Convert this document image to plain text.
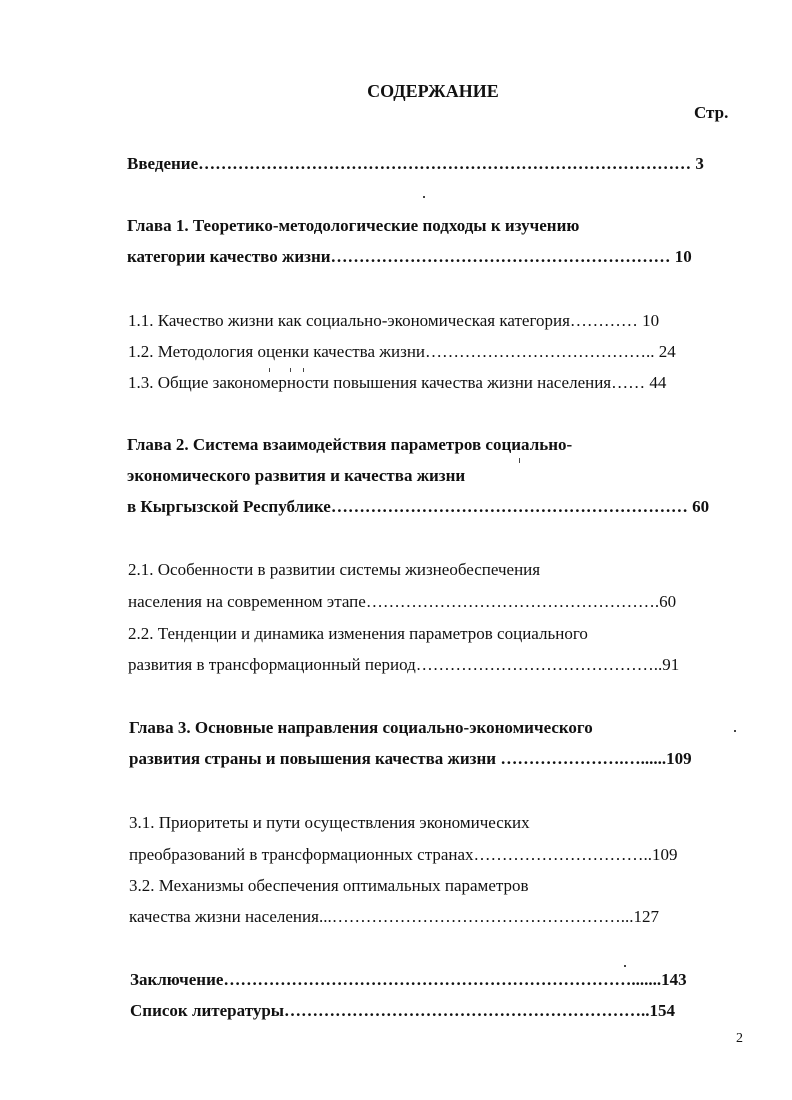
СОДЕРЖАНИЕ
Стр.
Введение…………………………………………………………………………… 3
Глава 1. Теоретико-методологические подходы к изучению
категории качество жизни…………………………………………………… 10
1.1. Качество жизни как социально-экономическая категория………… 10
1.2. Методология оценки качества жизни………………………………….. 24
1.3. Общие закономерности повышения качества жизни населения…… 44
Глава 2. Система взаимодействия параметров социально-
экономического развития и качества жизни
в Кыргызской Республике……………………………………………………… 60
2.1. Особенности в развитии системы жизнеобеспечения
населения на современном этапе…………………………………………….60
2.2. Тенденции и динамика изменения параметров социального
развития в трансформационный период……………………………………..91
Глава 3. Основные направления социально-экономического
развития страны и повышения качества жизни ………………….…......109
3.1. Приоритеты и пути осуществления экономических
преобразований в трансформационных странах…………………………..109
3.2. Механизмы обеспечения оптимальных параметров
качества жизни населения...……………………………………………...127
Заключение……………………………………………………………….......143
Список литературы………………………………………………………..154
2
